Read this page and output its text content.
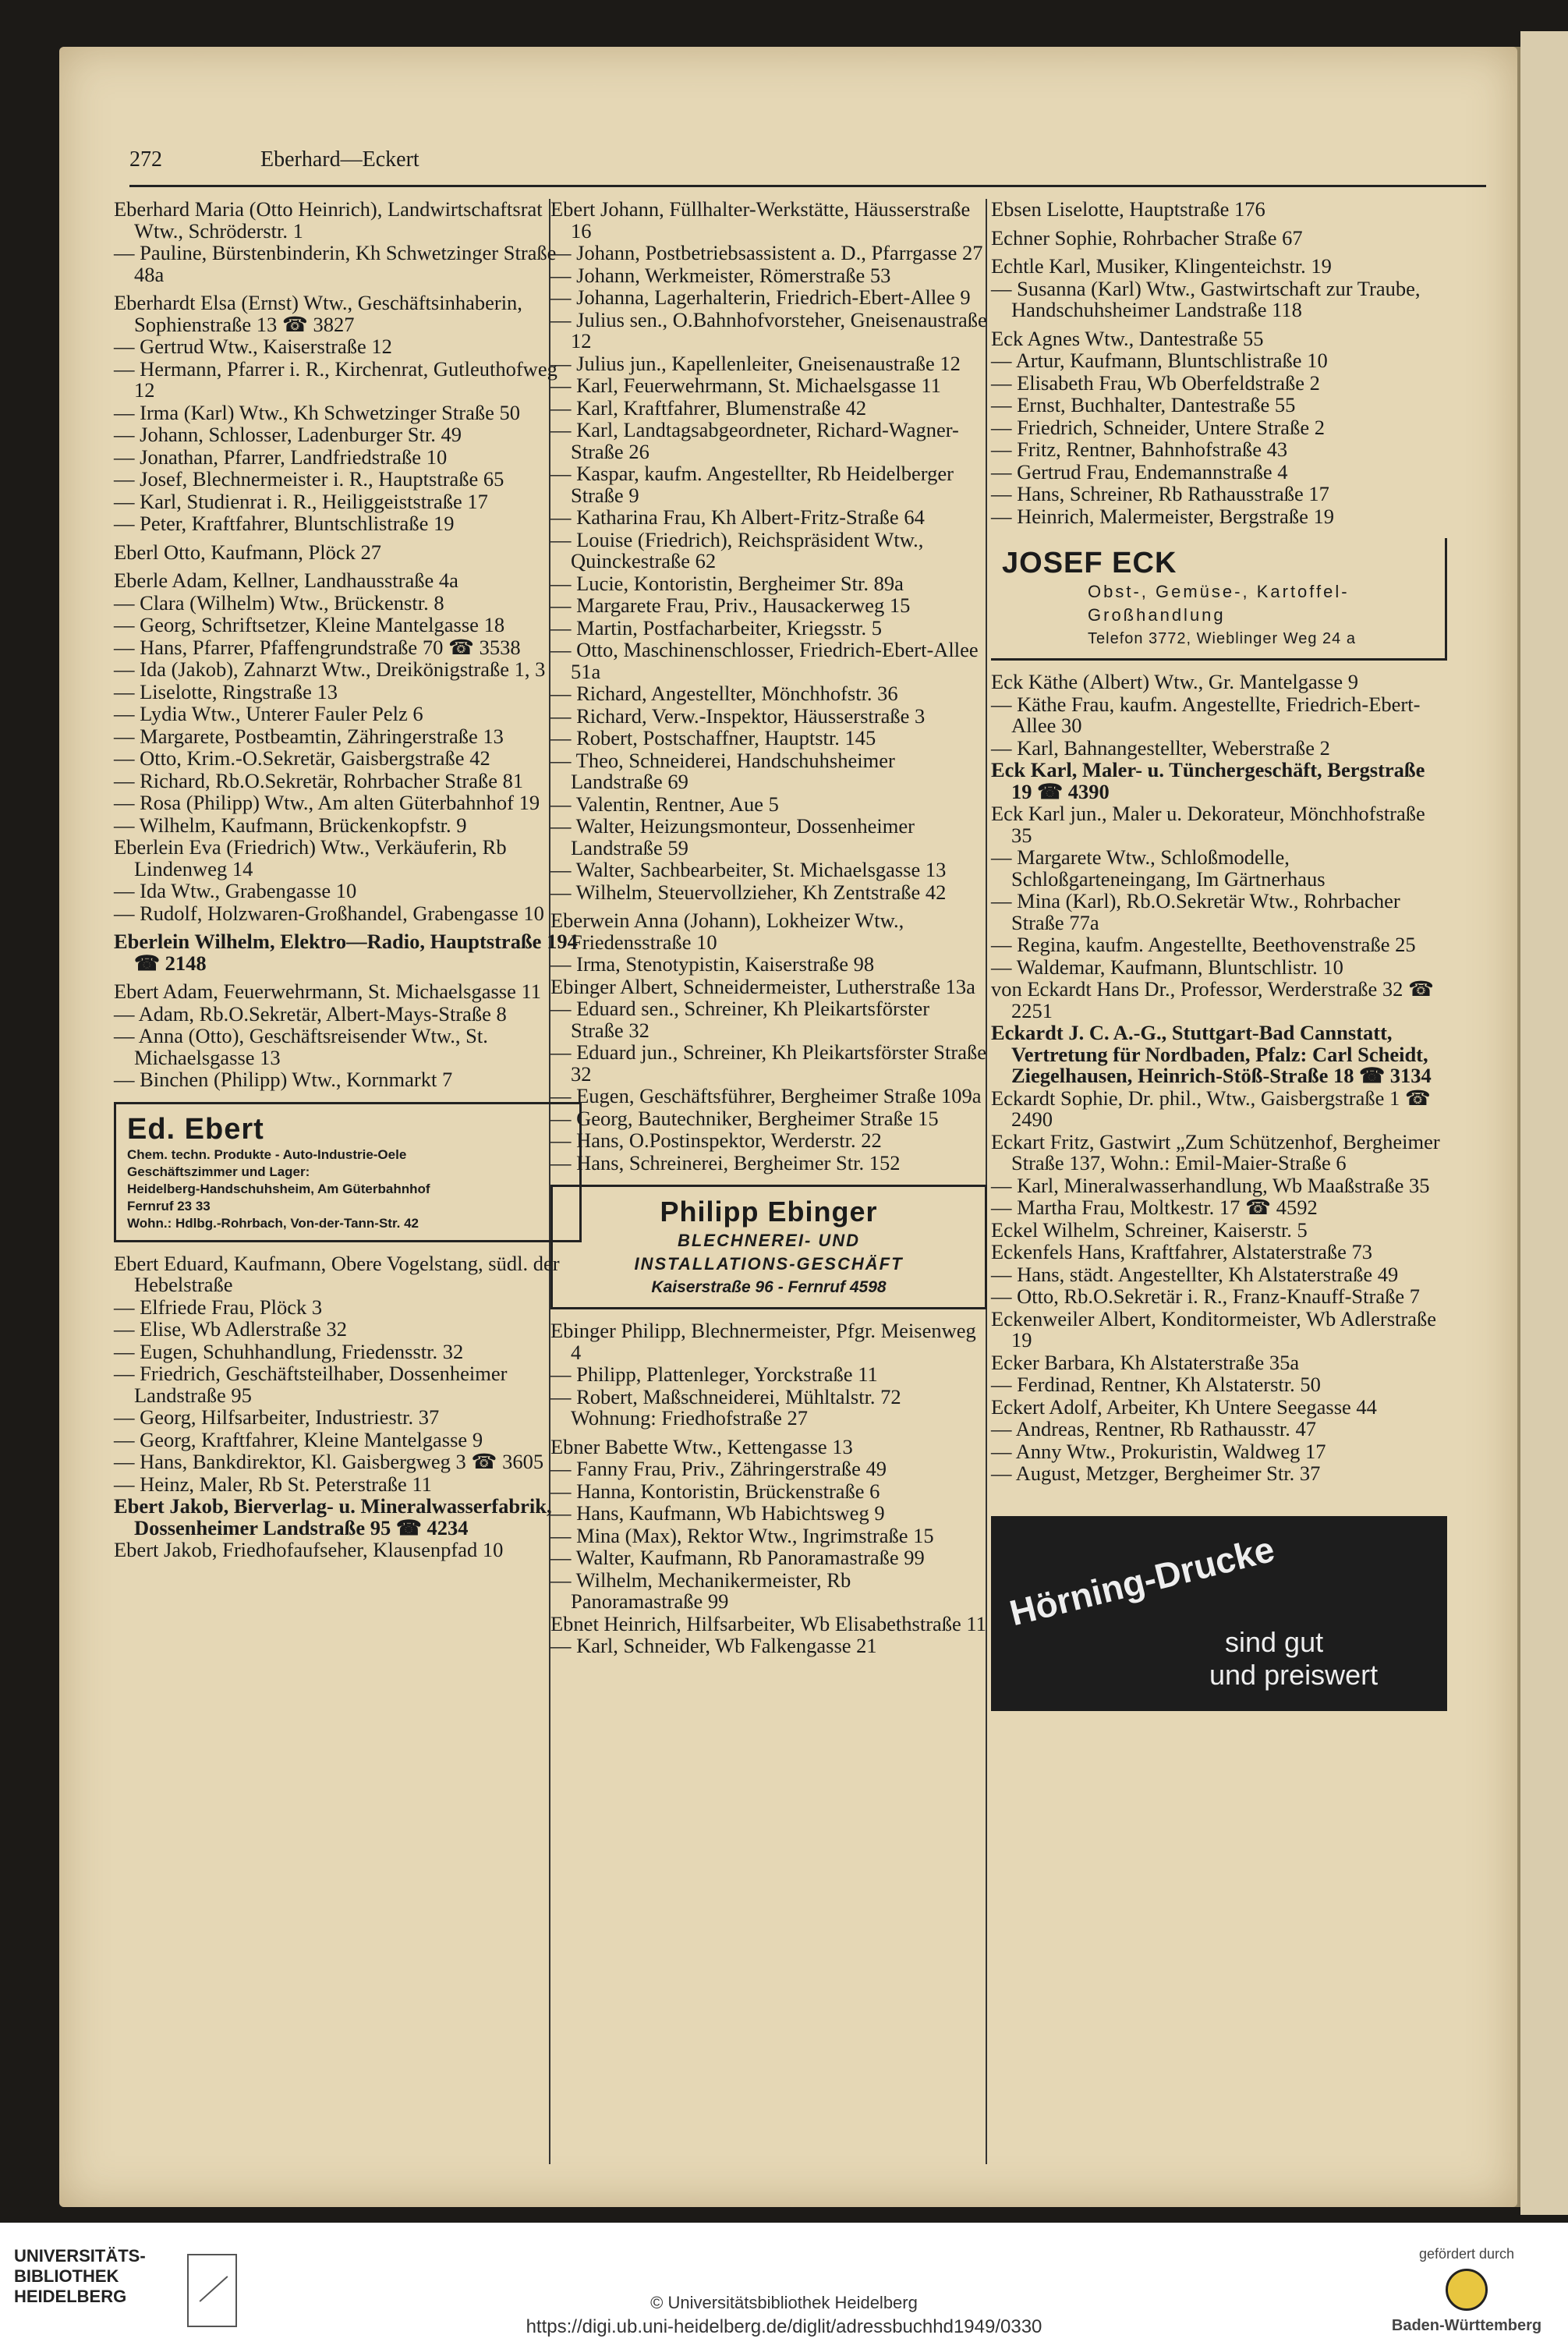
272	Eberhard—Eckert
Eberhard Maria (Otto Heinrich), Landwirtschaftsrat Wtw., Schröderstr. 1
— Pauline, Bürstenbinderin, Kh Schwetzinger Straße 48a
Eberhardt Elsa (Ernst) Wtw., Geschäftsinhaberin, Sophienstraße 13 ☎ 3827
— Gertrud Wtw., Kaiserstraße 12
— Hermann, Pfarrer i. R., Kirchenrat, Gutleuthofweg 12
— Irma (Karl) Wtw., Kh Schwetzinger Straße 50
— Johann, Schlosser, Ladenburger Str. 49
— Jonathan, Pfarrer, Landfriedstraße 10
— Josef, Blechnermeister i. R., Hauptstraße 65
— Karl, Studienrat i. R., Heiliggeiststraße 17
— Peter, Kraftfahrer, Bluntschlistraße 19
Eberl Otto, Kaufmann, Plöck 27
Eberle Adam, Kellner, Landhausstraße 4a
— Clara (Wilhelm) Wtw., Brückenstr. 8
— Georg, Schriftsetzer, Kleine Mantelgasse 18
— Hans, Pfarrer, Pfaffengrundstraße 70 ☎ 3538
— Ida (Jakob), Zahnarzt Wtw., Dreikönigstraße 1, 3
— Liselotte, Ringstraße 13
— Lydia Wtw., Unterer Fauler Pelz 6
— Margarete, Postbeamtin, Zähringerstraße 13
— Otto, Krim.-O.Sekretär, Gaisbergstraße 42
— Richard, Rb.O.Sekretär, Rohrbacher Straße 81
— Rosa (Philipp) Wtw., Am alten Güterbahnhof 19
— Wilhelm, Kaufmann, Brückenkopfstr. 9
Eberlein Eva (Friedrich) Wtw., Verkäuferin, Rb Lindenweg 14
— Ida Wtw., Grabengasse 10
— Rudolf, Holzwaren-Großhandel, Grabengasse 10
Eberlein Wilhelm, Elektro—Radio, Hauptstraße 194 ☎ 2148
Ebert Adam, Feuerwehrmann, St. Michaelsgasse 11
— Adam, Rb.O.Sekretär, Albert-Mays-Straße 8
— Anna (Otto), Geschäftsreisender Wtw., St. Michaelsgasse 13
— Binchen (Philipp) Wtw., Kornmarkt 7
Ed. Ebert
Chem. techn. Produkte - Auto-Industrie-Oele
Geschäftszimmer und Lager:
Heidelberg-Handschuhsheim, Am Güterbahnhof
Fernruf 23 33
Wohn.: Hdlbg.-Rohrbach, Von-der-Tann-Str. 42
Ebert Eduard, Kaufmann, Obere Vogelstang, südl. der Hebelstraße
— Elfriede Frau, Plöck 3
— Elise, Wb Adlerstraße 32
— Eugen, Schuhhandlung, Friedensstr. 32
— Friedrich, Geschäftsteilhaber, Dossenheimer Landstraße 95
— Georg, Hilfsarbeiter, Industriestr. 37
— Georg, Kraftfahrer, Kleine Mantelgasse 9
— Hans, Bankdirektor, Kl. Gaisbergweg 3 ☎ 3605
— Heinz, Maler, Rb St. Peterstraße 11
Ebert Jakob, Bierverlag- u. Mineralwasserfabrik, Dossenheimer Landstraße 95 ☎ 4234
Ebert Jakob, Friedhofaufseher, Klausenpfad 10
Ebert Johann, Füllhalter-Werkstätte, Häusserstraße 16
— Johann, Postbetriebsassistent a. D., Pfarrgasse 27
— Johann, Werkmeister, Römerstraße 53
— Johanna, Lagerhalterin, Friedrich-Ebert-Allee 9
— Julius sen., O.Bahnhofvorsteher, Gneisenaustraße 12
— Julius jun., Kapellenleiter, Gneisenaustraße 12
— Karl, Feuerwehrmann, St. Michaelsgasse 11
— Karl, Kraftfahrer, Blumenstraße 42
— Karl, Landtagsabgeordneter, Richard-Wagner-Straße 26
— Kaspar, kaufm. Angestellter, Rb Heidelberger Straße 9
— Katharina Frau, Kh Albert-Fritz-Straße 64
— Louise (Friedrich), Reichspräsident Wtw., Quinckestraße 62
— Lucie, Kontoristin, Bergheimer Str. 89a
— Margarete Frau, Priv., Hausackerweg 15
— Martin, Postfacharbeiter, Kriegsstr. 5
— Otto, Maschinenschlosser, Friedrich-Ebert-Allee 51a
— Richard, Angestellter, Mönchhofstr. 36
— Richard, Verw.-Inspektor, Häusserstraße 3
— Robert, Postschaffner, Hauptstr. 145
— Theo, Schneiderei, Handschuhsheimer Landstraße 69
— Valentin, Rentner, Aue 5
— Walter, Heizungsmonteur, Dossenheimer Landstraße 59
— Walter, Sachbearbeiter, St. Michaelsgasse 13
— Wilhelm, Steuervollzieher, Kh Zentstraße 42
Eberwein Anna (Johann), Lokheizer Wtw., Friedensstraße 10
— Irma, Stenotypistin, Kaiserstraße 98
Ebinger Albert, Schneidermeister, Lutherstraße 13a
— Eduard sen., Schreiner, Kh Pleikartsförster Straße 32
— Eduard jun., Schreiner, Kh Pleikartsförster Straße 32
— Eugen, Geschäftsführer, Bergheimer Straße 109a
— Georg, Bautechniker, Bergheimer Straße 15
— Hans, O.Postinspektor, Werderstr. 22
— Hans, Schreinerei, Bergheimer Str. 152
Philipp Ebinger
BLECHNEREI- UND
INSTALLATIONS-GESCHÄFT
Kaiserstraße 96 - Fernruf 4598
Ebinger Philipp, Blechnermeister, Pfgr. Meisenweg 4
— Philipp, Plattenleger, Yorckstraße 11
— Robert, Maßschneiderei, Mühltalstr. 72 Wohnung: Friedhofstraße 27
Ebner Babette Wtw., Kettengasse 13
— Fanny Frau, Priv., Zähringerstraße 49
— Hanna, Kontoristin, Brückenstraße 6
— Hans, Kaufmann, Wb Habichtsweg 9
— Mina (Max), Rektor Wtw., Ingrimstraße 15
— Walter, Kaufmann, Rb Panoramastraße 99
— Wilhelm, Mechanikermeister, Rb Panoramastraße 99
Ebnet Heinrich, Hilfsarbeiter, Wb Elisabethstraße 11
— Karl, Schneider, Wb Falkengasse 21
Ebsen Liselotte, Hauptstraße 176
Echner Sophie, Rohrbacher Straße 67
Echtle Karl, Musiker, Klingenteichstr. 19
— Susanna (Karl) Wtw., Gastwirtschaft zur Traube, Handschuhsheimer Landstraße 118
Eck Agnes Wtw., Dantestraße 55
— Artur, Kaufmann, Bluntschlistraße 10
— Elisabeth Frau, Wb Oberfeldstraße 2
— Ernst, Buchhalter, Dantestraße 55
— Friedrich, Schneider, Untere Straße 2
— Fritz, Rentner, Bahnhofstraße 43
— Gertrud Frau, Endemannstraße 4
— Hans, Schreiner, Rb Rathausstraße 17
— Heinrich, Malermeister, Bergstraße 19
JOSEF ECK
Obst-, Gemüse-, Kartoffel-
Großhandlung
Telefon 3772, Wieblinger Weg 24 a
Eck Käthe (Albert) Wtw., Gr. Mantelgasse 9
— Käthe Frau, kaufm. Angestellte, Friedrich-Ebert-Allee 30
— Karl, Bahnangestellter, Weberstraße 2
Eck Karl, Maler- u. Tünchergeschäft, Bergstraße 19 ☎ 4390
Eck Karl jun., Maler u. Dekorateur, Mönchhofstraße 35
— Margarete Wtw., Schloßmodelle, Schloßgarteneingang, Im Gärtnerhaus
— Mina (Karl), Rb.O.Sekretär Wtw., Rohrbacher Straße 77a
— Regina, kaufm. Angestellte, Beethovenstraße 25
— Waldemar, Kaufmann, Bluntschlistr. 10
von Eckardt Hans Dr., Professor, Werderstraße 32 ☎ 2251
Eckardt J. C. A.-G., Stuttgart-Bad Cannstatt, Vertretung für Nordbaden, Pfalz: Carl Scheidt, Ziegelhausen, Heinrich-Stöß-Straße 18 ☎ 3134
Eckardt Sophie, Dr. phil., Wtw., Gaisbergstraße 1 ☎ 2490
Eckart Fritz, Gastwirt „Zum Schützenhof, Bergheimer Straße 137, Wohn.: Emil-Maier-Straße 6
— Karl, Mineralwasserhandlung, Wb Maaßstraße 35
— Martha Frau, Moltkestr. 17 ☎ 4592
Eckel Wilhelm, Schreiner, Kaiserstr. 5
Eckenfels Hans, Kraftfahrer, Alstaterstraße 73
— Hans, städt. Angestellter, Kh Alstaterstraße 49
— Otto, Rb.O.Sekretär i. R., Franz-Knauff-Straße 7
Eckenweiler Albert, Konditormeister, Wb Adlerstraße 19
Ecker Barbara, Kh Alstaterstraße 35a
— Ferdinad, Rentner, Kh Alstaterstr. 50
Eckert Adolf, Arbeiter, Kh Untere Seegasse 44
— Andreas, Rentner, Rb Rathausstr. 47
— Anny Wtw., Prokuristin, Waldweg 17
— August, Metzger, Bergheimer Str. 37
Hörning-Drucke
sind gut
und preiswert
UNIVERSITÄTS-
BIBLIOTHEK
HEIDELBERG	© Universitätsbibliothek Heidelberg
https://digi.ub.uni-heidelberg.de/diglit/adressbuchhd1949/0330
gefördert durch
Baden-Württemberg
